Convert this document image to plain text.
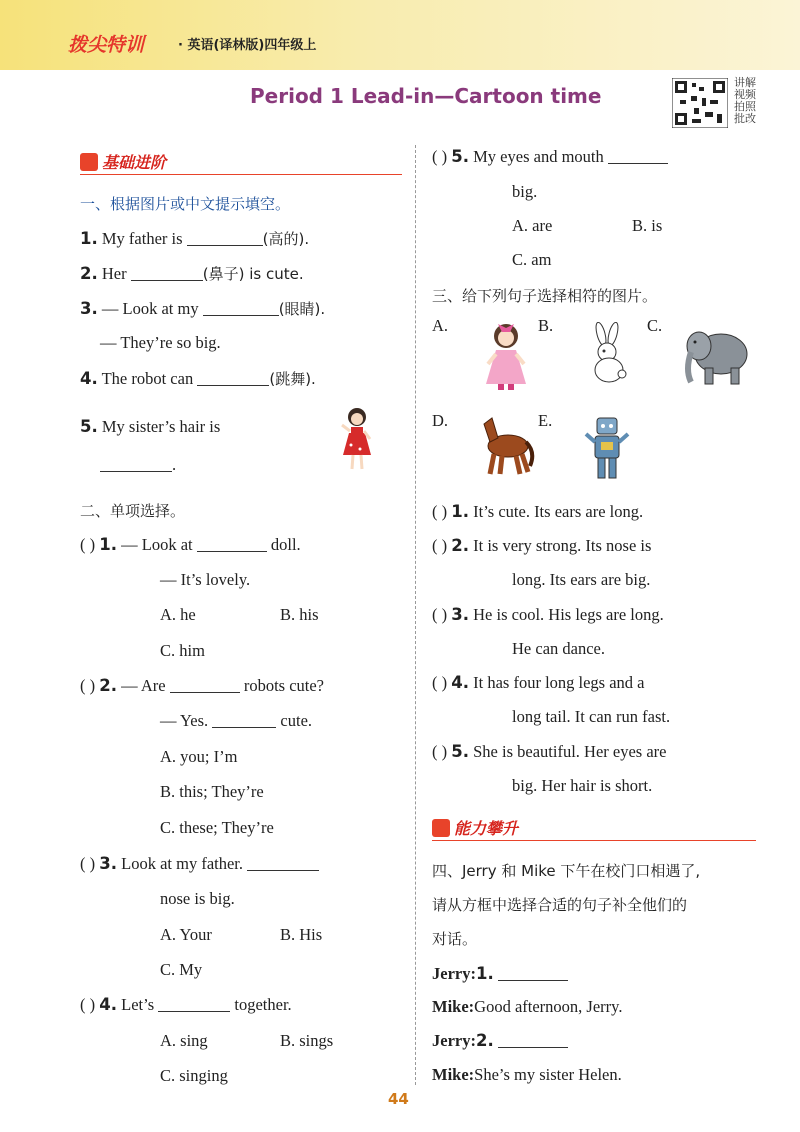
拨尖特训	· 英语(译林版)四年级上
Period 1 Lead-in—Cartoon time
讲解视频 拍照批改
基础进阶
一、根据图片或中文提示填空。
1. My father is	(高的).
2. Her	(鼻子) is cute.
3. — Look at my	(眼睛).
— They’re so big.
4. The robot can	(跳舞).
5. My sister’s hair is
.
二、单项选择。
( ) 1. — Look at	doll.
— It’s lovely.
A. he	B. his
C. him
( ) 2. — Are	robots cute?
— Yes.	cute.
A. you; I’m
B. this; They’re
C. these; They’re
( ) 3. Look at my father.
nose is big.
A. Your	B. His
C. My
( ) 4. Let’s	together.
A. sing	B. sings
C. singing
( ) 5. My eyes and mouth
big.
A. are	B. is
C. am
三、给下列句子选择相符的图片。
A.	B.	C.
D.	E.
( ) 1. It’s cute. Its ears are long.
( ) 2. It is very strong. Its nose is
long. Its ears are big.
( ) 3. He is cool. His legs are long.
He can dance.
( ) 4. It has four long legs and a
long tail. It can run fast.
( ) 5. She is beautiful. Her eyes are
big. Her hair is short.
能力攀升
四、Jerry 和 Mike 下午在校门口相遇了,
请从方框中选择合适的句子补全他们的
对话。
Jerry:1.
Mike:Good afternoon, Jerry.
Jerry:2.
Mike:She’s my sister Helen.
44
